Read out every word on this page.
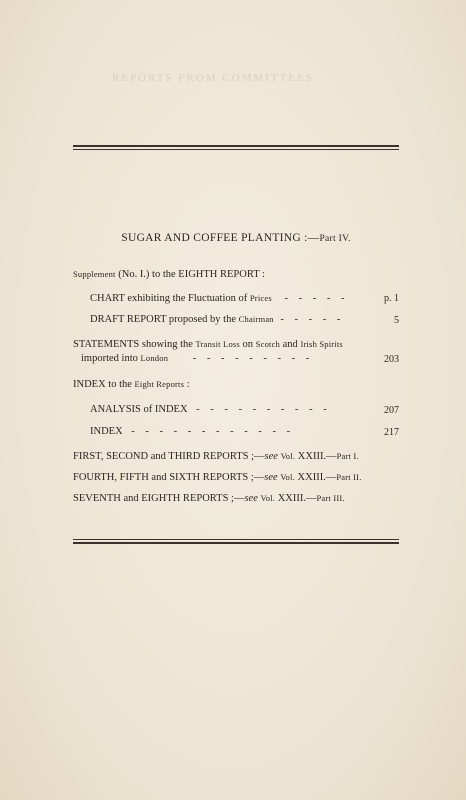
REPORTS FROM COMMITTEES
SUGAR AND COFFEE PLANTING :—Part IV.
Supplement (No. I.) to the EIGHTH REPORT :
CHART exhibiting the Fluctuation of Prices - - - - -	p. 1
DRAFT REPORT proposed by the Chairman - - - - -	5
STATEMENTS showing the Transit Loss on Scotch and Irish Spirits
imported into London - - - - - - - - -	203
INDEX to the Eight Reports :
ANALYSIS of INDEX - - - - - - - - - -	207
INDEX - - - - - - - - - - - -	217
FIRST, SECOND and THIRD REPORTS ;—see Vol. XXIII.—Part I.
FOURTH, FIFTH and SIXTH REPORTS ;—see Vol. XXIII.—Part II.
SEVENTH and EIGHTH REPORTS ;—see Vol. XXIII.—Part III.
